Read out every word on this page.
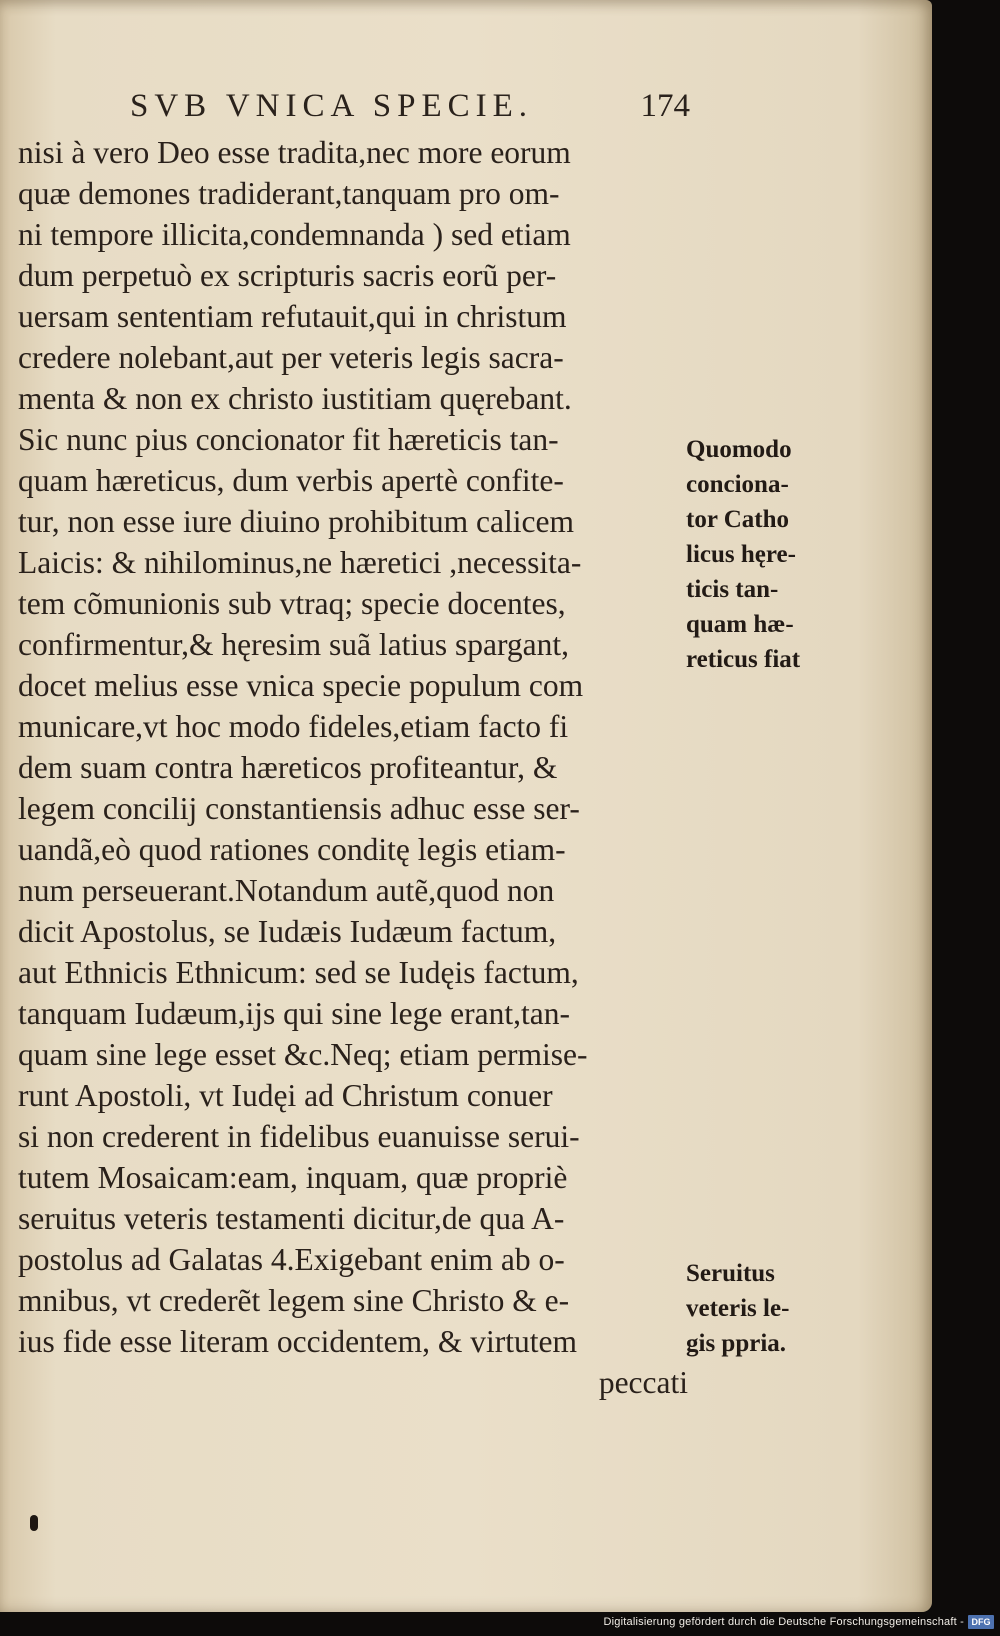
SVB VNICA SPECIE.	174
nisi à vero Deo esse tradita,nec more eorum
quæ demones tradiderant,tanquam pro om-
ni tempore illicita,condemnanda ) sed etiam
dum perpetuò ex scripturis sacris eorũ per-
uersam sententiam refutauit,qui in christum
credere nolebant,aut per veteris legis sacra-
menta & non ex christo iustitiam quęrebant.
Sic nunc pius concionator fit hæreticis tan-
quam hæreticus, dum verbis apertè confite-
tur, non esse iure diuino prohibitum calicem
Laicis: & nihilominus,ne hæretici ,necessita-
tem cõmunionis sub vtraq; specie docentes,
confirmentur,& hęresim suã latius spargant,
docet melius esse vnica specie populum com
municare,vt hoc modo fideles,etiam facto fi
dem suam contra hæreticos profiteantur, &
legem concilij constantiensis adhuc esse ser-
uandã,eò quod rationes conditę legis etiam-
num perseuerant.Notandum autẽ,quod non
dicit Apostolus, se Iudæis Iudæum factum,
aut Ethnicis Ethnicum: sed se Iudęis factum,
tanquam Iudæum,ijs qui sine lege erant,tan-
quam sine lege esset &c.Neq; etiam permise-
runt Apostoli, vt Iudęi ad Christum conuer
si non crederent in fidelibus euanuisse serui-
tutem Mosaicam:eam, inquam, quæ propriè
seruitus veteris testamenti dicitur,de qua A-
postolus ad Galatas 4.Exigebant enim ab o-
mnibus, vt crederẽt legem sine Christo & e-
ius fide esse literam occidentem, & virtutem
peccati
Quomodo
conciona-
tor Catho
licus hęre-
ticis tan-
quam hæ-
reticus fiat
Seruitus
veteris le-
gis ppria.
Digitalisierung gefördert durch die Deutsche Forschungsgemeinschaft - DFG
